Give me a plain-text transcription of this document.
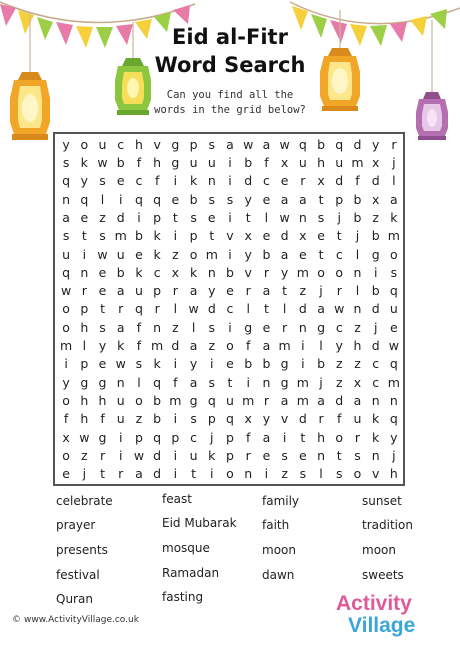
Eid al-Fitr
Word Search
Can you find all the
words in the grid below?
y o u c h v g p s a w a w q b q d y r
s k w b f h g u u	i	b f x u h u m x	j
q y s e c	f	i	k n	i	d c e r x d f d	l
n q	l	i	q q e b s s y e a a t p b x a
a e z d	i	p t	s e	i	t	l w n s	j	b z k
s t	s m b k	i	p t v x e d x e t	j	b m
u	i w u e k z o m i	y b a e t c	l	g o
q n e b k c x k n b v r y m o o n	i	s
w r e a u p r a y e r a t z	j	r	l	b q
o p t	r q r	l w d c	l	t	l	d a w n d u
o h s a f n z	l	s	i	g e r n g c z	j	e
m l	y k f m d a z o f a m i	l	y h d w
i p e w s k	i	y	i	e b b g	i	b z z c q
y g g n	l	q f a s	t	i	n g m j	z x c m
o h h u o b m g q u m r a m a d a n n
f h f u z b	i	s p q x y v d r	f u k q
x w g	i	p q p c	j	p f a	i	t h o r k y
o z r	i w d	i	u k p r e s e n t	s n	j
e	j	t	r a d	i	t	i	o n	i	z s	l	s o v h
celebrate
prayer
presents
festival
Quran
feast
Eid Mubarak
mosque
Ramadan
fasting
family
faith
moon
dawn
sunset
tradition
moon
sweets
© www.ActivityVillage.co.uk
Activity
Village
